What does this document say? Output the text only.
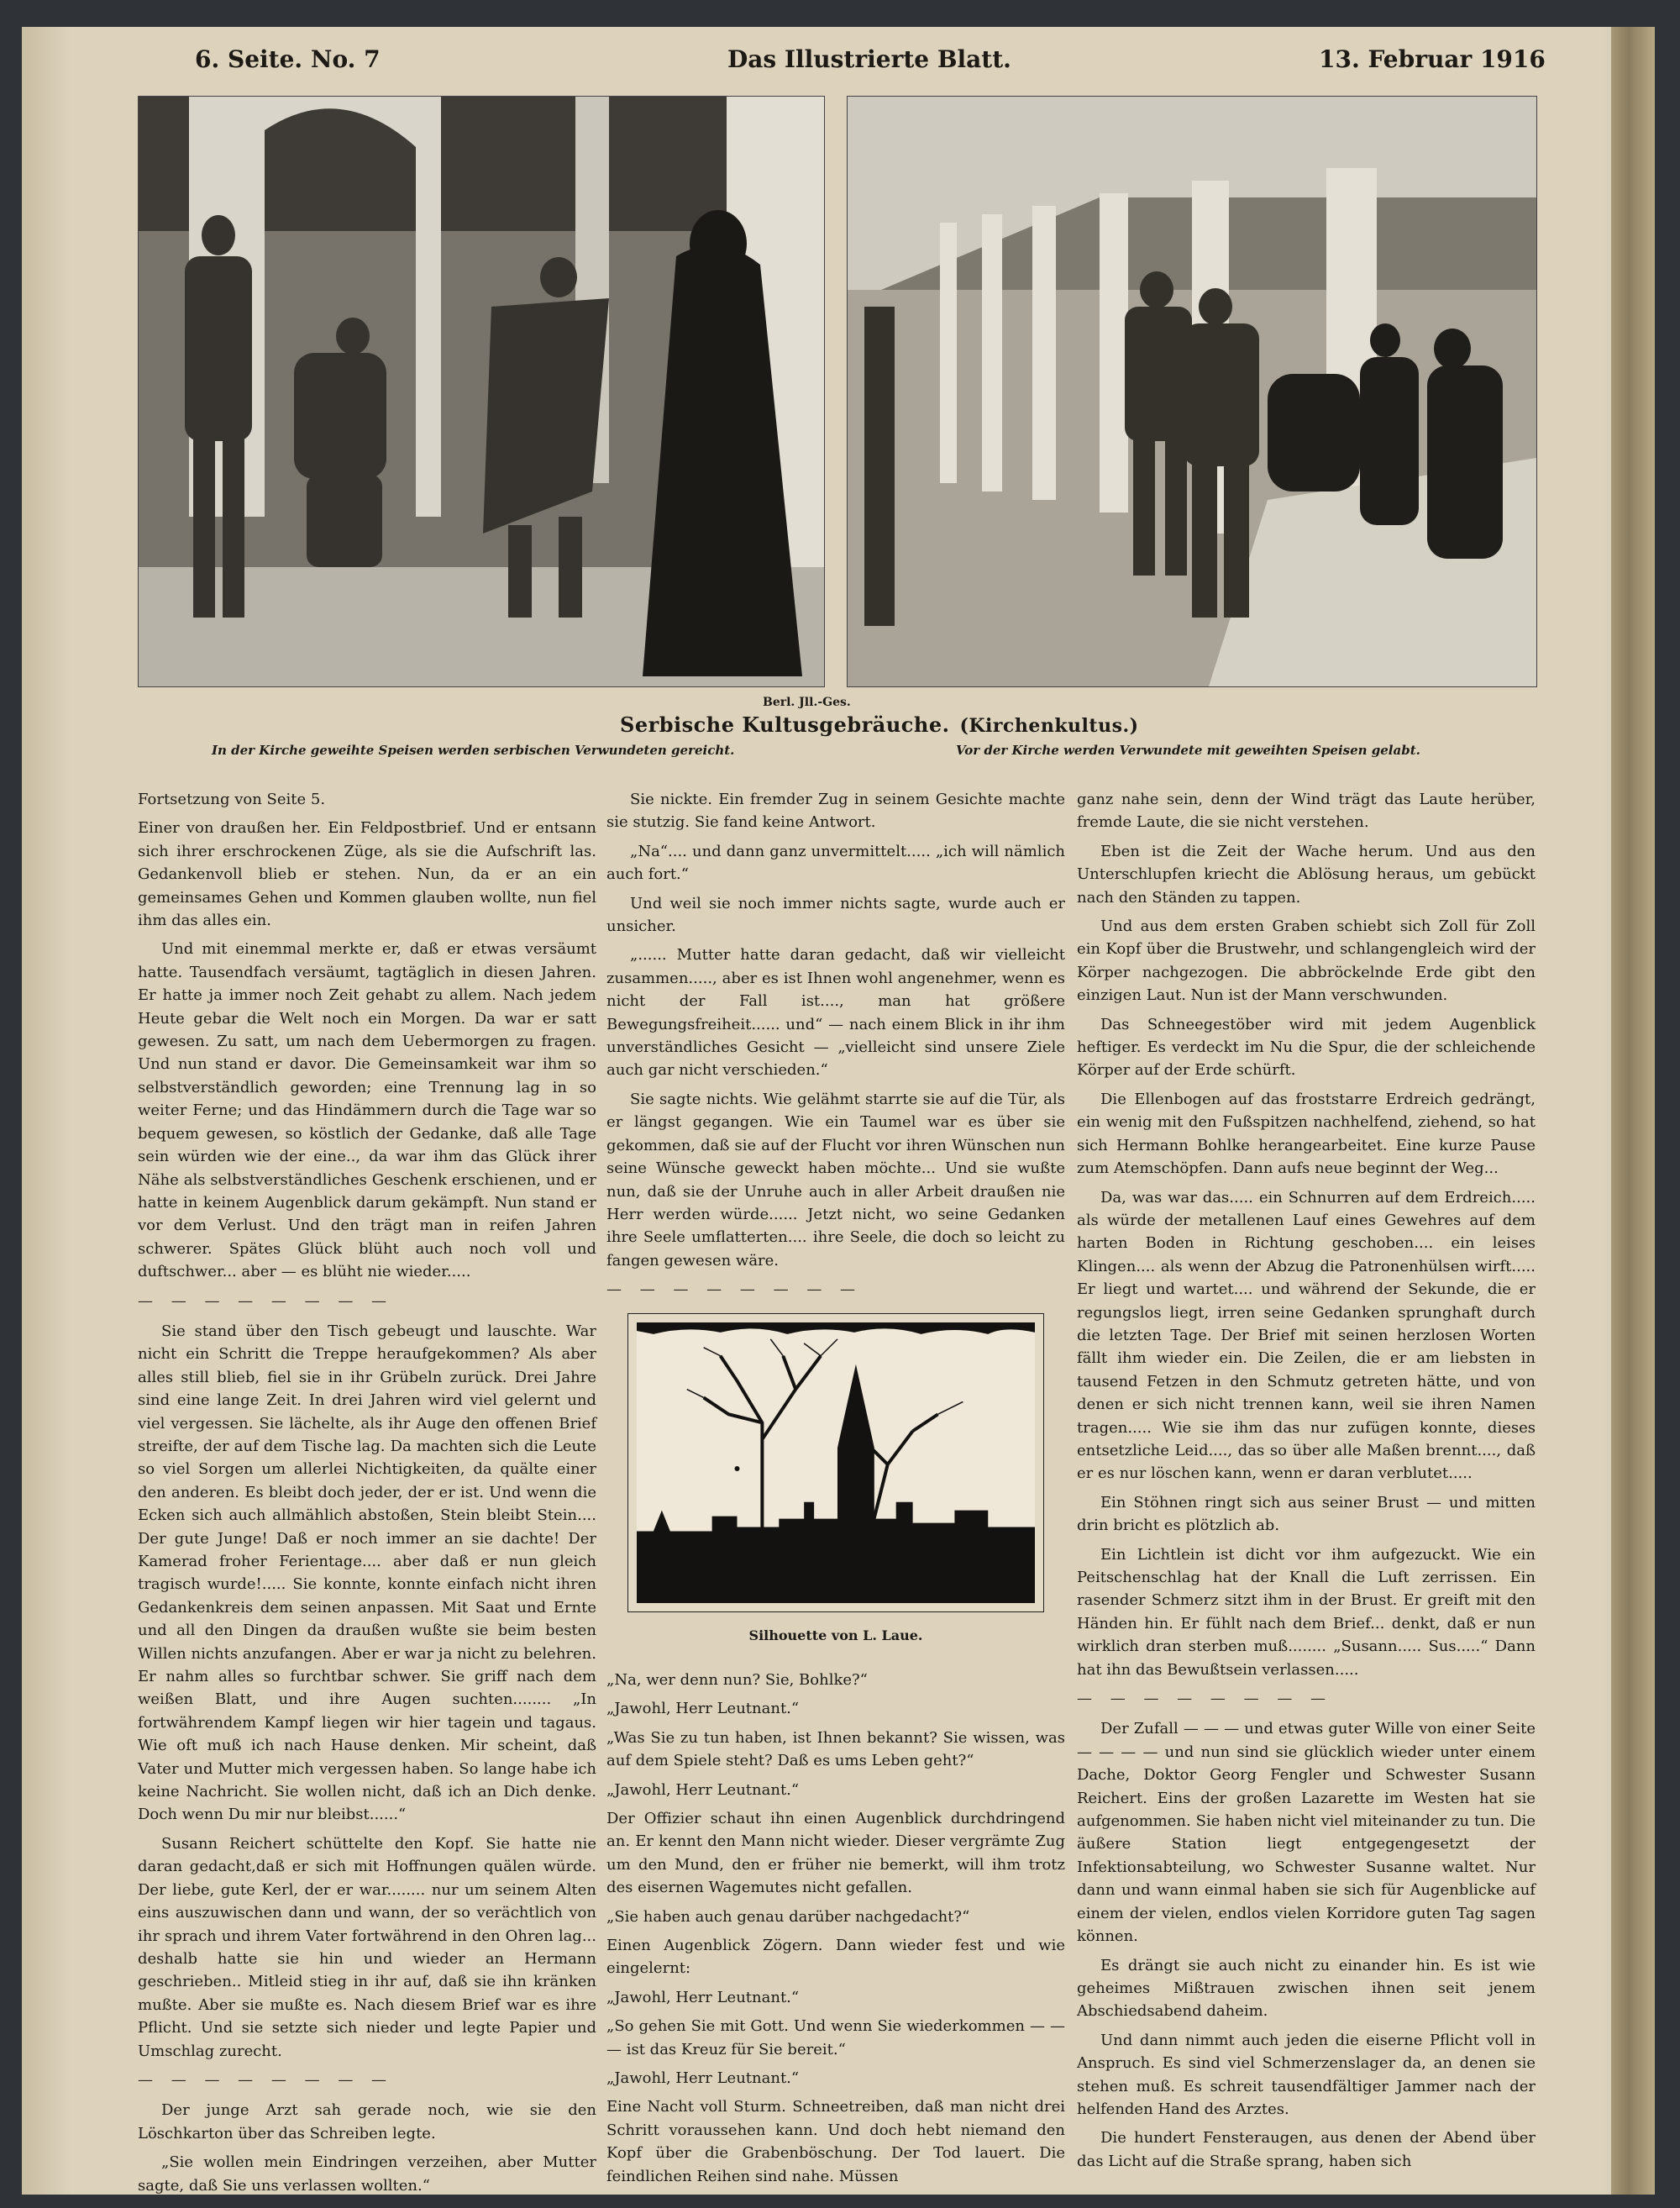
6. Seite. No. 7	Das Illustrierte Blatt.	13. Februar 1916
Berl. Jll.-Ges.
Serbische Kultusgebräuche. (Kirchenkultus.)
In der Kirche geweihte Speisen werden serbischen Verwundeten gereicht.	Vor der Kirche werden Verwundete mit geweihten Speisen gelabt.

Fortsetzung von Seite 5.

Einer von draußen her. Ein Feldpostbrief. Und er entsann sich ihrer erschrockenen Züge, als sie die Aufschrift las. Gedankenvoll blieb er stehen. Nun, da er an ein gemeinsames Gehen und Kommen glauben wollte, nun fiel ihm das alles ein.

Und mit einemmal merkte er, daß er etwas versäumt hatte. Tausendfach versäumt, tagtäglich in diesen Jahren. Er hatte ja immer noch Zeit gehabt zu allem. Nach jedem Heute gebar die Welt noch ein Morgen. Da war er satt gewesen. Zu satt, um nach dem Uebermorgen zu fragen. Und nun stand er davor. Die Gemeinsamkeit war ihm so selbstverständlich geworden; eine Trennung lag in so weiter Ferne; und das Hindämmern durch die Tage war so bequem gewesen, so köstlich der Gedanke, daß alle Tage sein würden wie der eine.., da war ihm das Glück ihrer Nähe als selbstverständliches Geschenk erschienen, und er hatte in keinem Augenblick darum gekämpft. Nun stand er vor dem Verlust. Und den trägt man in reifen Jahren schwerer. Spätes Glück blüht auch noch voll und duftschwer... aber — es blüht nie wieder.....

— — — — — — — —

Sie stand über den Tisch gebeugt und lauschte. War nicht ein Schritt die Treppe heraufgekommen? Als aber alles still blieb, fiel sie in ihr Grübeln zurück. Drei Jahre sind eine lange Zeit. In drei Jahren wird viel gelernt und viel vergessen. Sie lächelte, als ihr Auge den offenen Brief streifte, der auf dem Tische lag. Da machten sich die Leute so viel Sorgen um allerlei Nichtigkeiten, da quälte einer den anderen. Es bleibt doch jeder, der er ist. Und wenn die Ecken sich auch allmählich abstoßen, Stein bleibt Stein.... Der gute Junge! Daß er noch immer an sie dachte! Der Kamerad froher Ferientage.... aber daß er nun gleich tragisch wurde!..... Sie konnte, konnte einfach nicht ihren Gedankenkreis dem seinen anpassen. Mit Saat und Ernte und all den Dingen da draußen wußte sie beim besten Willen nichts anzufangen. Aber er war ja nicht zu belehren. Er nahm alles so furchtbar schwer. Sie griff nach dem weißen Blatt, und ihre Augen suchten........ „In fortwährendem Kampf liegen wir hier tagein und tagaus. Wie oft muß ich nach Hause denken. Mir scheint, daß Vater und Mutter mich vergessen haben. So lange habe ich keine Nachricht. Sie wollen nicht, daß ich an Dich denke. Doch wenn Du mir nur bleibst......“

Susann Reichert schüttelte den Kopf. Sie hatte nie daran gedacht,daß er sich mit Hoffnungen quälen würde. Der liebe, gute Kerl, der er war........ nur um seinem Alten eins auszuwischen dann und wann, der so verächtlich von ihr sprach und ihrem Vater fortwährend in den Ohren lag... deshalb hatte sie hin und wieder an Hermann geschrieben.. Mitleid stieg in ihr auf, daß sie ihn kränken mußte. Aber sie mußte es. Nach diesem Brief war es ihre Pflicht. Und sie setzte sich nieder und legte Papier und Umschlag zurecht.

— — — — — — — —

Der junge Arzt sah gerade noch, wie sie den Löschkarton über das Schreiben legte.

„Sie wollen mein Eindringen verzeihen, aber Mutter sagte, daß Sie uns verlassen wollten.“

Sie nickte. Ein fremder Zug in seinem Gesichte machte sie stutzig. Sie fand keine Antwort.

„Na“.... und dann ganz unvermittelt..... „ich will nämlich auch fort.“

Und weil sie noch immer nichts sagte, wurde auch er unsicher.

„...... Mutter hatte daran gedacht, daß wir vielleicht zusammen....., aber es ist Ihnen wohl angenehmer, wenn es nicht der Fall ist...., man hat größere Bewegungsfreiheit...... und“ — nach einem Blick in ihr ihm unverständliches Gesicht — „vielleicht sind unsere Ziele auch gar nicht verschieden.“

Sie sagte nichts. Wie gelähmt starrte sie auf die Tür, als er längst gegangen. Wie ein Taumel war es über sie gekommen, daß sie auf der Flucht vor ihren Wünschen nun seine Wünsche geweckt haben möchte... Und sie wußte nun, daß sie der Unruhe auch in aller Arbeit draußen nie Herr werden würde...... Jetzt nicht, wo seine Gedanken ihre Seele umflatterten.... ihre Seele, die doch so leicht zu fangen gewesen wäre.

— — — — — — — —

Silhouette von L. Laue.

„Na, wer denn nun? Sie, Bohlke?“

„Jawohl, Herr Leutnant.“

„Was Sie zu tun haben, ist Ihnen bekannt? Sie wissen, was auf dem Spiele steht? Daß es ums Leben geht?“

„Jawohl, Herr Leutnant.“

Der Offizier schaut ihn einen Augenblick durchdringend an. Er kennt den Mann nicht wieder. Dieser vergrämte Zug um den Mund, den er früher nie bemerkt, will ihm trotz des eisernen Wagemutes nicht gefallen.

„Sie haben auch genau darüber nachgedacht?“

Einen Augenblick Zögern. Dann wieder fest und wie eingelernt:

„Jawohl, Herr Leutnant.“

„So gehen Sie mit Gott. Und wenn Sie wiederkommen — — — ist das Kreuz für Sie bereit.“

„Jawohl, Herr Leutnant.“

Eine Nacht voll Sturm. Schneetreiben, daß man nicht drei Schritt voraussehen kann. Und doch hebt niemand den Kopf über die Grabenböschung. Der Tod lauert. Die feindlichen Reihen sind nahe. Müssen

ganz nahe sein, denn der Wind trägt das Laute herüber, fremde Laute, die sie nicht verstehen.

Eben ist die Zeit der Wache herum. Und aus den Unterschlupfen kriecht die Ablösung heraus, um gebückt nach den Ständen zu tappen.

Und aus dem ersten Graben schiebt sich Zoll für Zoll ein Kopf über die Brustwehr, und schlangengleich wird der Körper nachgezogen. Die abbröckelnde Erde gibt den einzigen Laut. Nun ist der Mann verschwunden.

Das Schneegestöber wird mit jedem Augenblick heftiger. Es verdeckt im Nu die Spur, die der schleichende Körper auf der Erde schürft.

Die Ellenbogen auf das froststarre Erdreich gedrängt, ein wenig mit den Fußspitzen nachhelfend, ziehend, so hat sich Hermann Bohlke herangearbeitet. Eine kurze Pause zum Atemschöpfen. Dann aufs neue beginnt der Weg...

Da, was war das..... ein Schnurren auf dem Erdreich..... als würde der metallenen Lauf eines Gewehres auf dem harten Boden in Richtung geschoben.... ein leises Klingen.... als wenn der Abzug die Patronenhülsen wirft..... Er liegt und wartet.... und während der Sekunde, die er regungslos liegt, irren seine Gedanken sprunghaft durch die letzten Tage. Der Brief mit seinen herzlosen Worten fällt ihm wieder ein. Die Zeilen, die er am liebsten in tausend Fetzen in den Schmutz getreten hätte, und von denen er sich nicht trennen kann, weil sie ihren Namen tragen..... Wie sie ihm das nur zufügen konnte, dieses entsetzliche Leid...., das so über alle Maßen brennt...., daß er es nur löschen kann, wenn er daran verblutet.....

Ein Stöhnen ringt sich aus seiner Brust — und mitten drin bricht es plötzlich ab.

Ein Lichtlein ist dicht vor ihm aufgezuckt. Wie ein Peitschenschlag hat der Knall die Luft zerrissen. Ein rasender Schmerz sitzt ihm in der Brust. Er greift mit den Händen hin. Er fühlt nach dem Brief... denkt, daß er nun wirklich dran sterben muß........ „Susann..... Sus.....“ Dann hat ihn das Bewußtsein verlassen.....

— — — — — — — —

Der Zufall — — — und etwas guter Wille von einer Seite — — — — und nun sind sie glücklich wieder unter einem Dache, Doktor Georg Fengler und Schwester Susann Reichert. Eins der großen Lazarette im Westen hat sie aufgenommen. Sie haben nicht viel miteinander zu tun. Die äußere Station liegt entgegengesetzt der Infektionsabteilung, wo Schwester Susanne waltet. Nur dann und wann einmal haben sie sich für Augenblicke auf einem der vielen, endlos vielen Korridore guten Tag sagen können.

Es drängt sie auch nicht zu einander hin. Es ist wie geheimes Mißtrauen zwischen ihnen seit jenem Abschiedsabend daheim.

Und dann nimmt auch jeden die eiserne Pflicht voll in Anspruch. Es sind viel Schmerzenslager da, an denen sie stehen muß. Es schreit tausendfältiger Jammer nach der helfenden Hand des Arztes.

Die hundert Fensteraugen, aus denen der Abend über das Licht auf die Straße sprang, haben sich
